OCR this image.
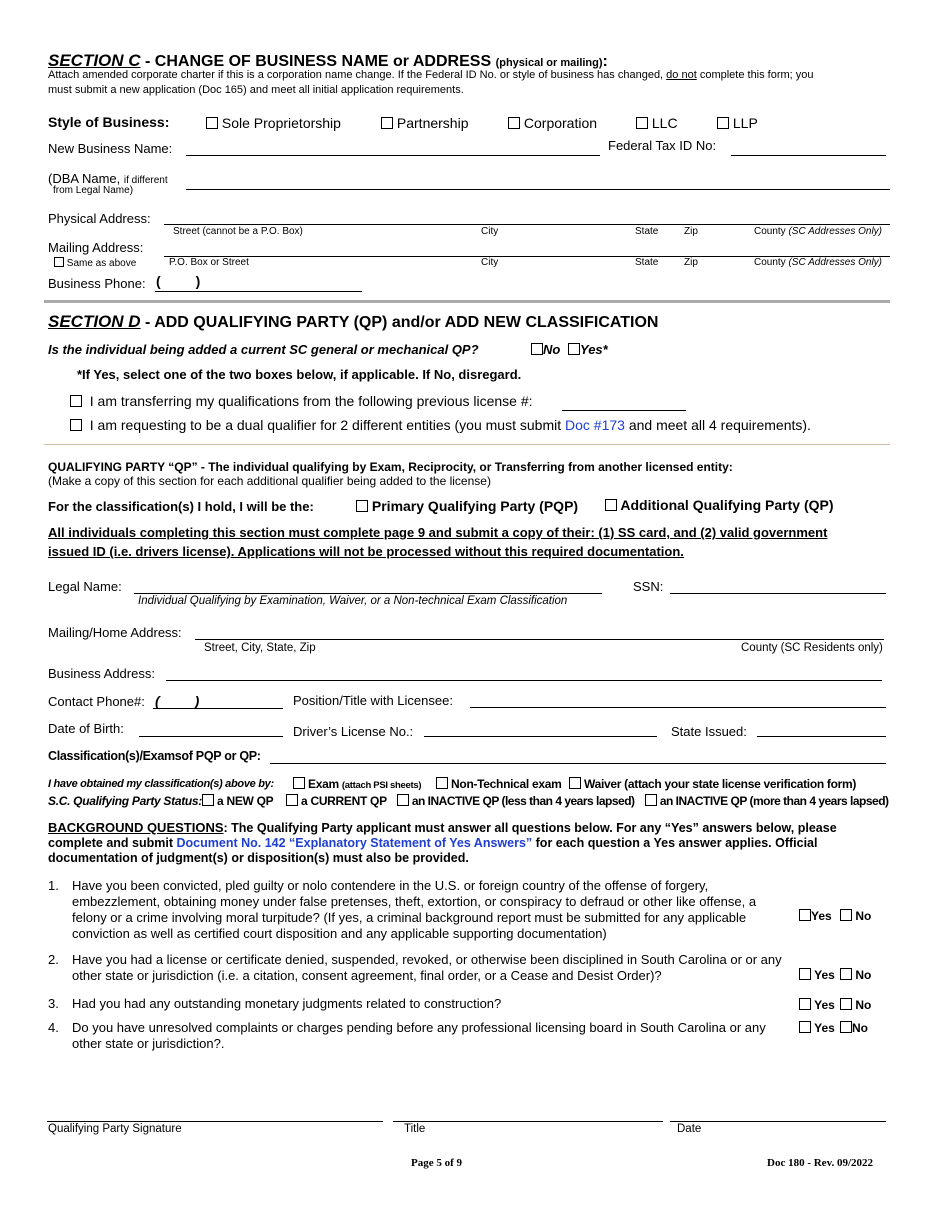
SECTION C - CHANGE OF BUSINESS NAME or ADDRESS (physical or mailing):
Attach amended corporate charter if this is a corporation name change. If the Federal ID No. or style of business has changed, do not complete this form; you
must submit a new application (Doc 165) and meet all initial application requirements.
Style of Business:	Sole Proprietorship	Partnership	Corporation	LLC	LLP
New Business Name:	Federal Tax ID No:
(DBA Name, if different
from Legal Name)
Physical Address:
Street (cannot be a P.O. Box)	City	State	Zip	County (SC Addresses Only)
Mailing Address:
Same as above	P.O. Box or Street	City	State	Zip	County (SC Addresses Only)
Business Phone: (         )
SECTION D - ADD QUALIFYING PARTY (QP) and/or ADD NEW CLASSIFICATION
Is the individual being added a current SC general or mechanical QP?	No	Yes*
*If Yes, select one of the two boxes below, if applicable. If No, disregard.
I am transferring my qualifications from the following previous license #:
I am requesting to be a dual qualifier for 2 different entities (you must submit Doc #173 and meet all 4 requirements).
QUALIFYING PARTY “QP” - The individual qualifying by Exam, Reciprocity, or Transferring from another licensed entity:
(Make a copy of this section for each additional qualifier being added to the license)
For the classification(s) I hold, I will be the:	Primary Qualifying Party (PQP)	Additional Qualifying Party (QP)
All individuals completing this section must complete page 9 and submit a copy of their: (1) SS card, and (2) valid government
issued ID (i.e. drivers license). Applications will not be processed without this required documentation.
Legal Name:
Individual Qualifying by Examination, Waiver, or a Non-technical Exam Classification
SSN:
Mailing/Home Address:
Street, City, State, Zip	County (SC Residents only)
Business Address:
Contact Phone#: (         )	Position/Title with Licensee:
Date of Birth:	Driver’s License No.:	State Issued:
Classification(s)/Examsof PQP or QP:
I have obtained my classification(s) above by:	Exam (attach PSI sheets)	Non-Technical exam	Waiver (attach your state license verification form)
S.C. Qualifying Party Status:	a NEW QP	a CURRENT QP	an INACTIVE QP (less than 4 years lapsed)	an INACTIVE QP (more than 4 years lapsed)
BACKGROUND QUESTIONS: The Qualifying Party applicant must answer all questions below. For any “Yes” answers below, please
complete and submit Document No. 142 “Explanatory Statement of Yes Answers” for each question a Yes answer applies. Official
documentation of judgment(s) or disposition(s) must also be provided.
1. Have you been convicted, pled guilty or nolo contendere in the U.S. or foreign country of the offense of forgery, embezzlement, obtaining money under false pretenses, theft, extortion, or conspiracy to defraud or other like offense, a felony or a crime involving moral turpitude? (If yes, a criminal background report must be submitted for any applicable conviction as well as certified court disposition and any applicable supporting documentation)
Yes	No
2. Have you had a license or certificate denied, suspended, revoked, or otherwise been disciplined in South Carolina or or any other state or jurisdiction (i.e. a citation, consent agreement, final order, or a Cease and Desist Order)?	Yes	No
3. Had you had any outstanding monetary judgments related to construction?	Yes	No
4. Do you have unresolved complaints or charges pending before any professional licensing board in South Carolina or any other state or jurisdiction?.
Yes	No
Qualifying Party Signature	Title	Date
Page 5 of 9	Doc 180 - Rev. 09/2022
